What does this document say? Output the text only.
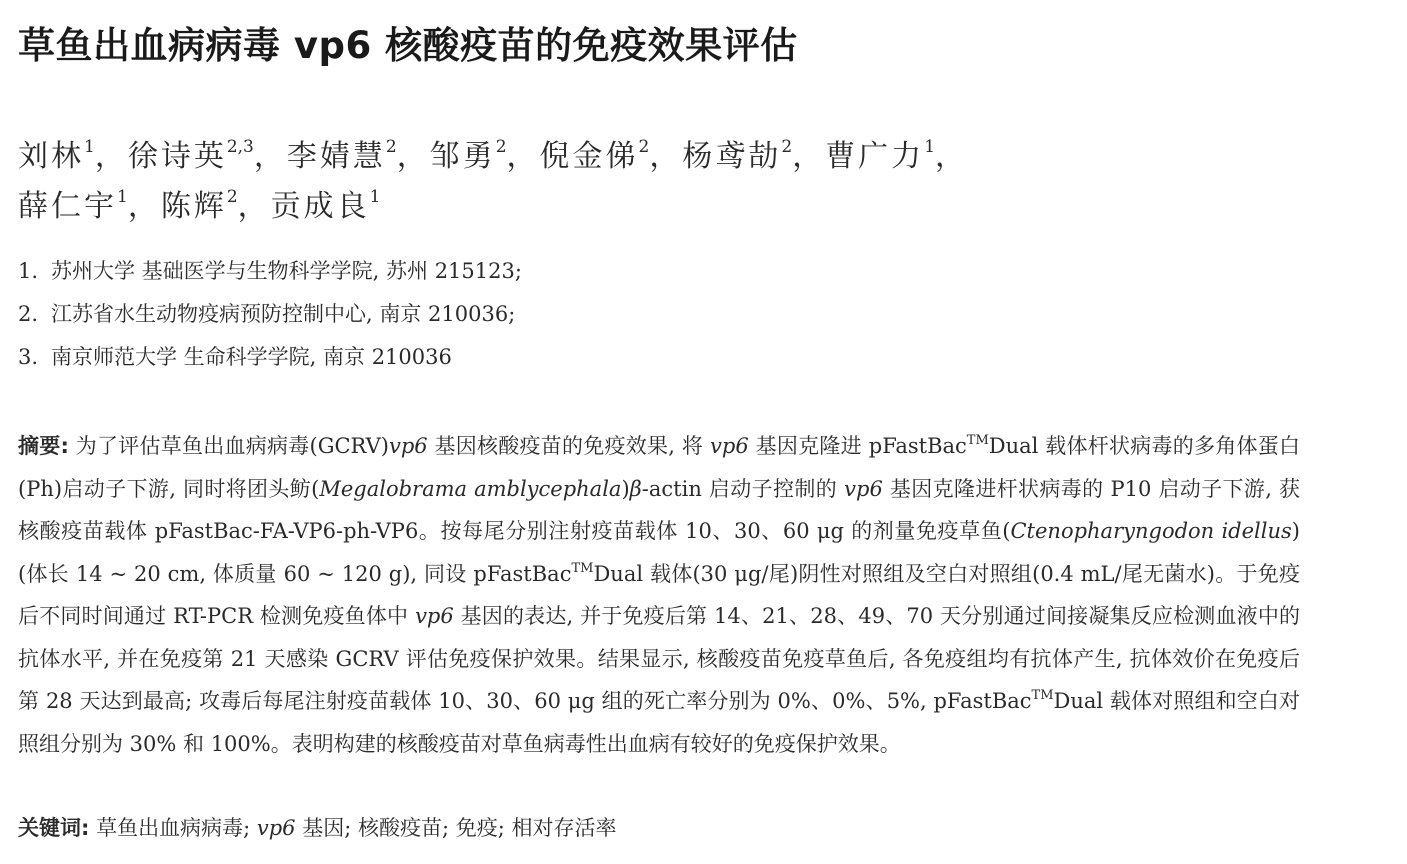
草鱼出血病病毒 vp6 核酸疫苗的免疫效果评估
刘林$^1$，徐诗英$^{2,3}$，李婧慧$^2$，邹勇$^2$，倪金俤$^2$，杨鸢劼$^2$，曹广力$^1$，
薛仁宇$^1$，陈辉$^2$，贡成良$^1$
1. 苏州大学 基础医学与生物科学学院, 苏州 215123;
2. 江苏省水生动物疫病预防控制中心, 南京 210036;
3. 南京师范大学 生命科学学院, 南京 210036
摘要: 为了评估草鱼出血病病毒(GCRV)vp6 基因核酸疫苗的免疫效果, 将 vp6 基因克隆进 pFastBac™Dual 载体杆状病毒的多角体蛋白(Ph)启动子下游, 同时将团头鲂(Megalobrama amblycephala)β-actin 启动子控制的 vp6 基因克隆进杆状病毒的 P10 启动子下游, 获核酸疫苗载体 pFastBac-FA-VP6-ph-VP6。按每尾分别注射疫苗载体 10、30、60 μg 的剂量免疫草鱼(Ctenopharyngodon idellus)(体长 14 ~ 20 cm, 体质量 60 ~ 120 g), 同设 pFastBac™Dual 载体(30 μg/尾)阴性对照组及空白对照组(0.4 mL/尾无菌水)。于免疫后不同时间通过 RT-PCR 检测免疫鱼体中 vp6 基因的表达, 并于免疫后第 14、21、28、49、70 天分别通过间接凝集反应检测血液中的抗体水平, 并在免疫第 21 天感染 GCRV 评估免疫保护效果。结果显示, 核酸疫苗免疫草鱼后, 各免疫组均有抗体产生, 抗体效价在免疫后第 28 天达到最高; 攻毒后每尾注射疫苗载体 10、30、60 μg 组的死亡率分别为 0%、0%、5%, pFastBac™Dual 载体对照组和空白对照组分别为 30% 和 100%。表明构建的核酸疫苗对草鱼病毒性出血病有较好的免疫保护效果。
关键词: 草鱼出血病病毒; vp6 基因; 核酸疫苗; 免疫; 相对存活率
